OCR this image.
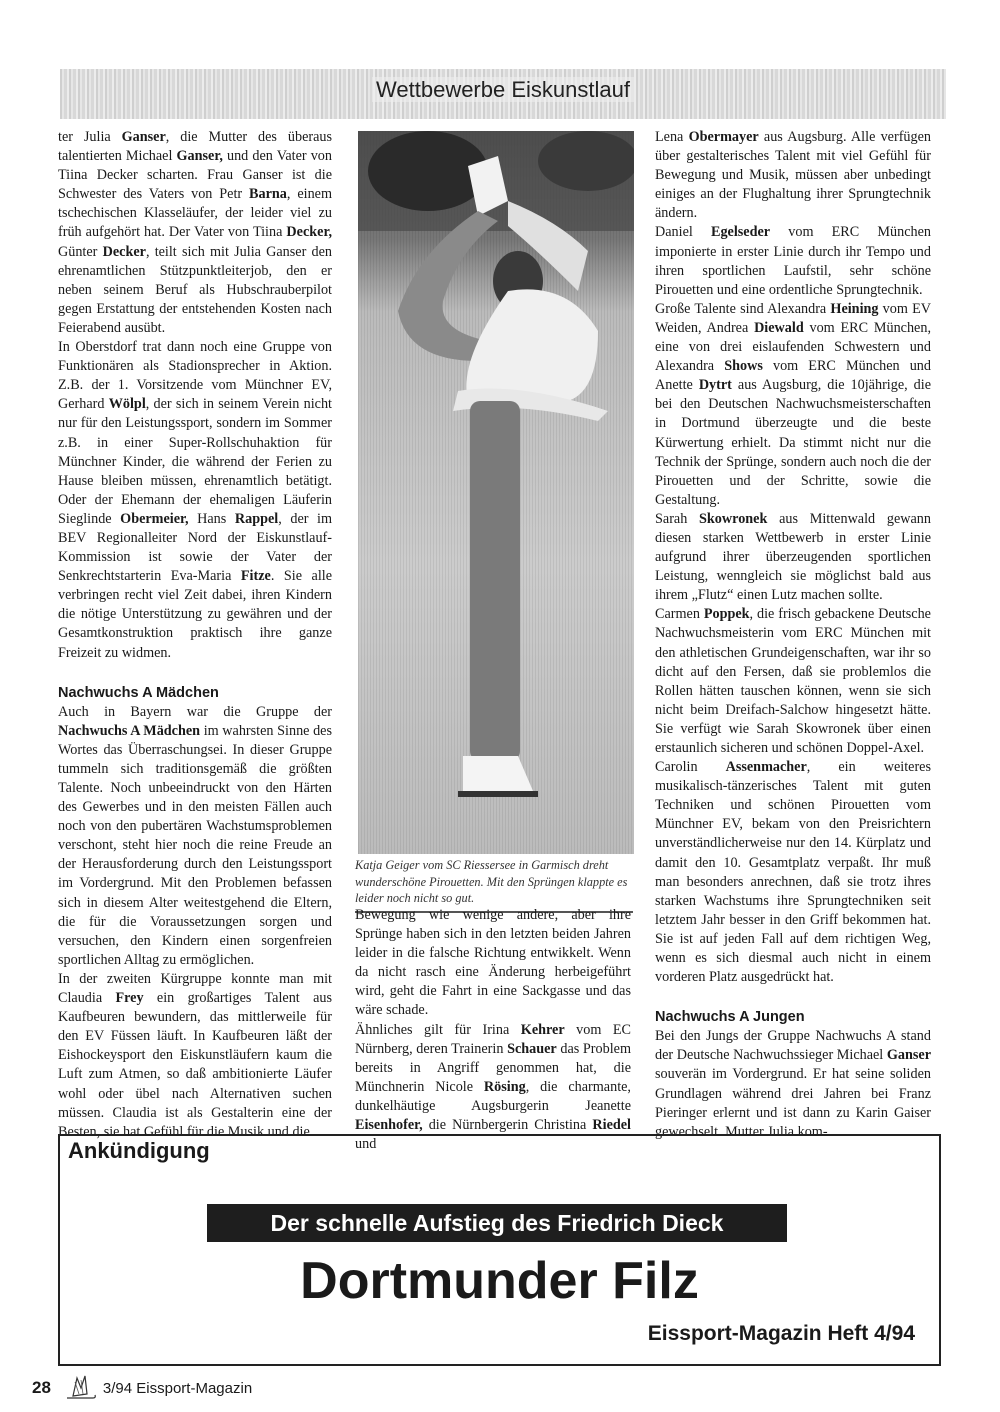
Wettbewerbe Eiskunstlauf

ter Julia Ganser, die Mutter des überaus talentierten Michael Ganser, und den Vater von Tiina Decker scharten. Frau Ganser ist die Schwester des Vaters von Petr Barna, einem tschechischen Klasseläufer, der leider viel zu früh aufgehört hat. Der Vater von Tiina Decker, Günter Decker, teilt sich mit Julia Ganser den ehrenamtlichen Stützpunktleiterjob, den er neben seinem Beruf als Hubschrauberpilot gegen Erstattung der entstehenden Kosten nach Feierabend ausübt.

In Oberstdorf trat dann noch eine Gruppe von Funktionären als Stadionsprecher in Aktion. Z.B. der 1. Vorsitzende vom Münchner EV, Gerhard Wölpl, der sich in seinem Verein nicht nur für den Leistungssport, sondern im Sommer z.B. in einer Super-Rollschuhaktion für Münchner Kinder, die während der Ferien zu Hause bleiben müssen, ehrenamtlich betätigt. Oder der Ehemann der ehemaligen Läuferin Sieglinde Obermeier, Hans Rappel, der im BEV Regionalleiter Nord der Eiskunstlauf-Kommission ist sowie der Vater der Senkrechtstarterin Eva-Maria Fitze. Sie alle verbringen recht viel Zeit dabei, ihren Kindern die nötige Unterstützung zu gewähren und der Gesamtkonstruktion praktisch ihre ganze Freizeit zu widmen.

Nachwuchs A Mädchen

Auch in Bayern war die Gruppe der Nachwuchs A Mädchen im wahrsten Sinne des Wortes das Überraschungsei. In dieser Gruppe tummeln sich traditionsgemäß die größten Talente. Noch unbeeindruckt von den Härten des Gewerbes und in den meisten Fällen auch noch von den pubertären Wachstumsproblemen verschont, steht hier noch die reine Freude an der Herausforderung durch den Leistungssport im Vordergrund. Mit den Problemen befassen sich in diesem Alter weitestgehend die Eltern, die für die Voraussetzungen sorgen und versuchen, den Kindern einen sorgenfreien sportlichen Alltag zu ermöglichen.

In der zweiten Kürgruppe konnte man mit Claudia Frey ein großartiges Talent aus Kaufbeuren bewundern, das mittlerweile für den EV Füssen läuft. In Kaufbeuren läßt der Eishockeysport den Eiskunstläufern kaum die Luft zum Atmen, so daß ambitionierte Läufer wohl oder übel nach Alternativen suchen müssen. Claudia ist als Gestalterin eine der Besten, sie hat Gefühl für die Musik und die

Katja Geiger vom SC Riessersee in Garmisch dreht wunderschöne Pirouetten. Mit den Sprüngen klappte es leider noch nicht so gut.

Bewegung wie wenige andere, aber ihre Sprünge haben sich in den letzten beiden Jahren leider in die falsche Richtung entwikkelt. Wenn da nicht rasch eine Änderung herbeigeführt wird, geht die Fahrt in eine Sackgasse und das wäre schade.

Ähnliches gilt für Irina Kehrer vom EC Nürnberg, deren Trainerin Schauer das Problem bereits in Angriff genommen hat, die Münchnerin Nicole Rösing, die charmante, dunkelhäutige Augsburgerin Jeanette Eisenhofer, die Nürnbergerin Christina Riedel und

Lena Obermayer aus Augsburg. Alle verfügen über gestalterisches Talent mit viel Gefühl für Bewegung und Musik, müssen aber unbedingt einiges an der Flughaltung ihrer Sprungtechnik ändern.

Daniel Egelseder vom ERC München imponierte in erster Linie durch ihr Tempo und ihren sportlichen Laufstil, sehr schöne Pirouetten und eine ordentliche Sprungtechnik.

Große Talente sind Alexandra Heining vom EV Weiden, Andrea Diewald vom ERC München, eine von drei eislaufenden Schwestern und Alexandra Shows vom ERC München und Anette Dytrt aus Augsburg, die 10jährige, die bei den Deutschen Nachwuchsmeisterschaften in Dortmund überzeugte und die beste Kürwertung erhielt. Da stimmt nicht nur die Technik der Sprünge, sondern auch noch die der Pirouetten und der Schritte, sowie die Gestaltung.

Sarah Skowronek aus Mittenwald gewann diesen starken Wettbewerb in erster Linie aufgrund ihrer überzeugenden sportlichen Leistung, wenngleich sie möglichst bald aus ihrem „Flutz“ einen Lutz machen sollte.

Carmen Poppek, die frisch gebackene Deutsche Nachwuchsmeisterin vom ERC München mit den athletischen Grundeigenschaften, war ihr so dicht auf den Fersen, daß sie problemlos die Rollen hätten tauschen können, wenn sie sich nicht beim Dreifach-Salchow hingesetzt hätte. Sie verfügt wie Sarah Skowronek über einen erstaunlich sicheren und schönen Doppel-Axel.

Carolin Assenmacher, ein weiteres musikalisch-tänzerisches Talent mit guten Techniken und schönen Pirouetten vom Münchner EV, bekam von den Preisrichtern unverständlicherweise nur den 14. Kürplatz und damit den 10. Gesamtplatz verpaßt. Ihr muß man besonders anrechnen, daß sie trotz ihres starken Wachstums ihre Sprungtechniken seit letztem Jahr besser in den Griff bekommen hat. Sie ist auf jeden Fall auf dem richtigen Weg, wenn es sich diesmal auch nicht in einem vorderen Platz ausgedrückt hat.

Nachwuchs A Jungen

Bei den Jungs der Gruppe Nachwuchs A stand der Deutsche Nachwuchssieger Michael Ganser souverän im Vordergrund. Er hat seine soliden Grundlagen während drei Jahren bei Franz Pieringer erlernt und ist dann zu Karin Gaiser gewechselt. Mutter Julia kom-

Ankündigung
Der schnelle Aufstieg des Friedrich Dieck
Dortmunder Filz
Eissport-Magazin Heft 4/94
28	3/94 Eissport-Magazin
